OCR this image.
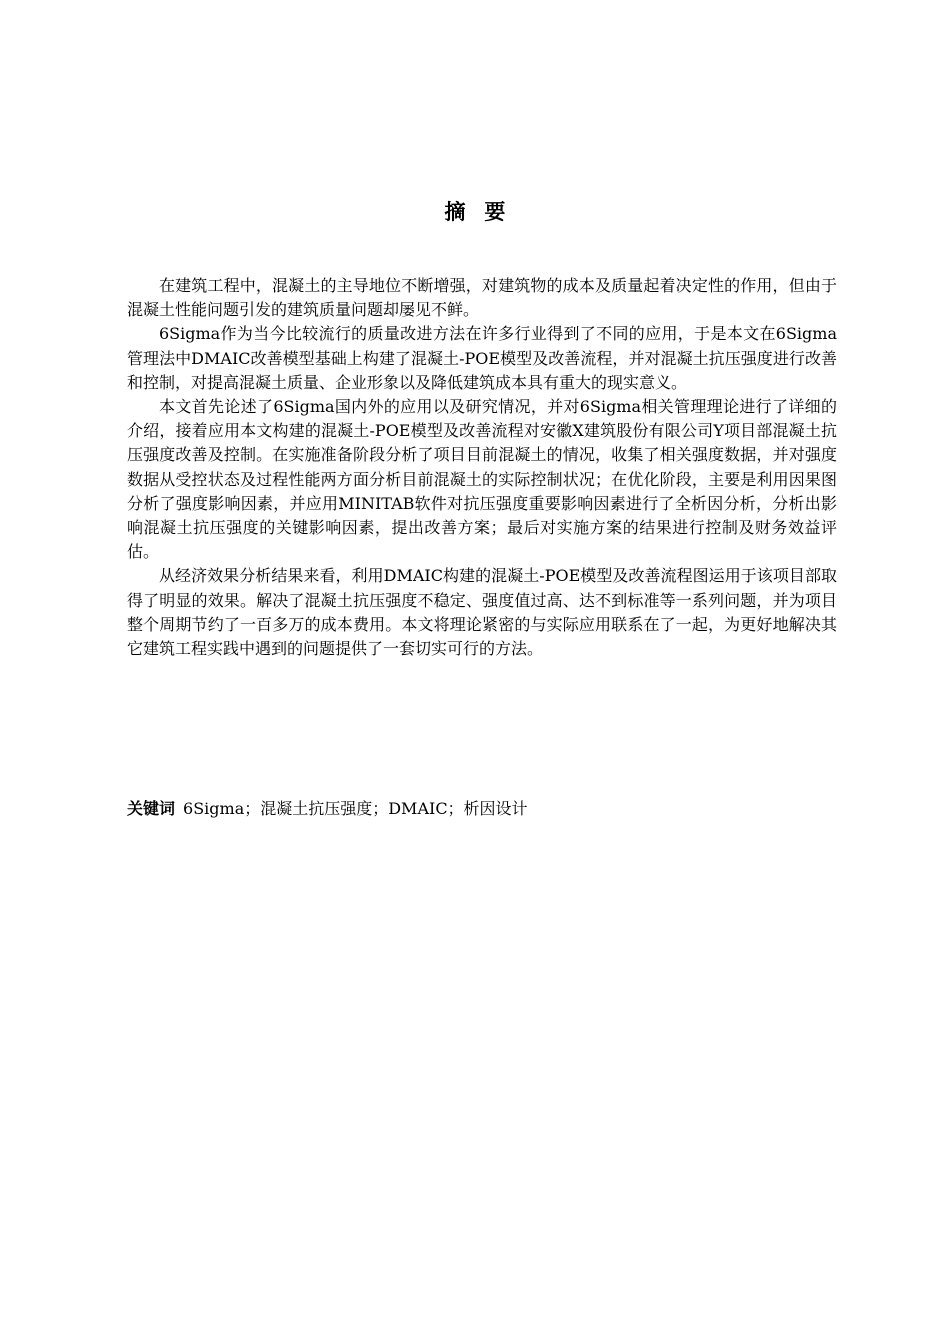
摘要

在建筑工程中，混凝土的主导地位不断增强，对建筑物的成本及质量起着决定性的作用，但由于混凝土性能问题引发的建筑质量问题却屡见不鲜。

6Sigma作为当今比较流行的质量改进方法在许多行业得到了不同的应用，于是本文在6Sigma管理法中DMAIC改善模型基础上构建了混凝土-POE模型及改善流程，并对混凝土抗压强度进行改善和控制，对提高混凝土质量、企业形象以及降低建筑成本具有重大的现实意义。

本文首先论述了6Sigma国内外的应用以及研究情况，并对6Sigma相关管理理论进行了详细的介绍，接着应用本文构建的混凝土-POE模型及改善流程对安徽X建筑股份有限公司Y项目部混凝土抗压强度改善及控制。在实施准备阶段分析了项目目前混凝土的情况，收集了相关强度数据，并对强度数据从受控状态及过程性能两方面分析目前混凝土的实际控制状况；在优化阶段，主要是利用因果图分析了强度影响因素，并应用MINITAB软件对抗压强度重要影响因素进行了全析因分析，分析出影响混凝土抗压强度的关键影响因素，提出改善方案；最后对实施方案的结果进行控制及财务效益评估。

从经济效果分析结果来看，利用DMAIC构建的混凝土-POE模型及改善流程图运用于该项目部取得了明显的效果。解决了混凝土抗压强度不稳定、强度值过高、达不到标准等一系列问题，并为项目整个周期节约了一百多万的成本费用。本文将理论紧密的与实际应用联系在了一起，为更好地解决其它建筑工程实践中遇到的问题提供了一套切实可行的方法。

关键词 6Sigma；混凝土抗压强度；DMAIC；析因设计
